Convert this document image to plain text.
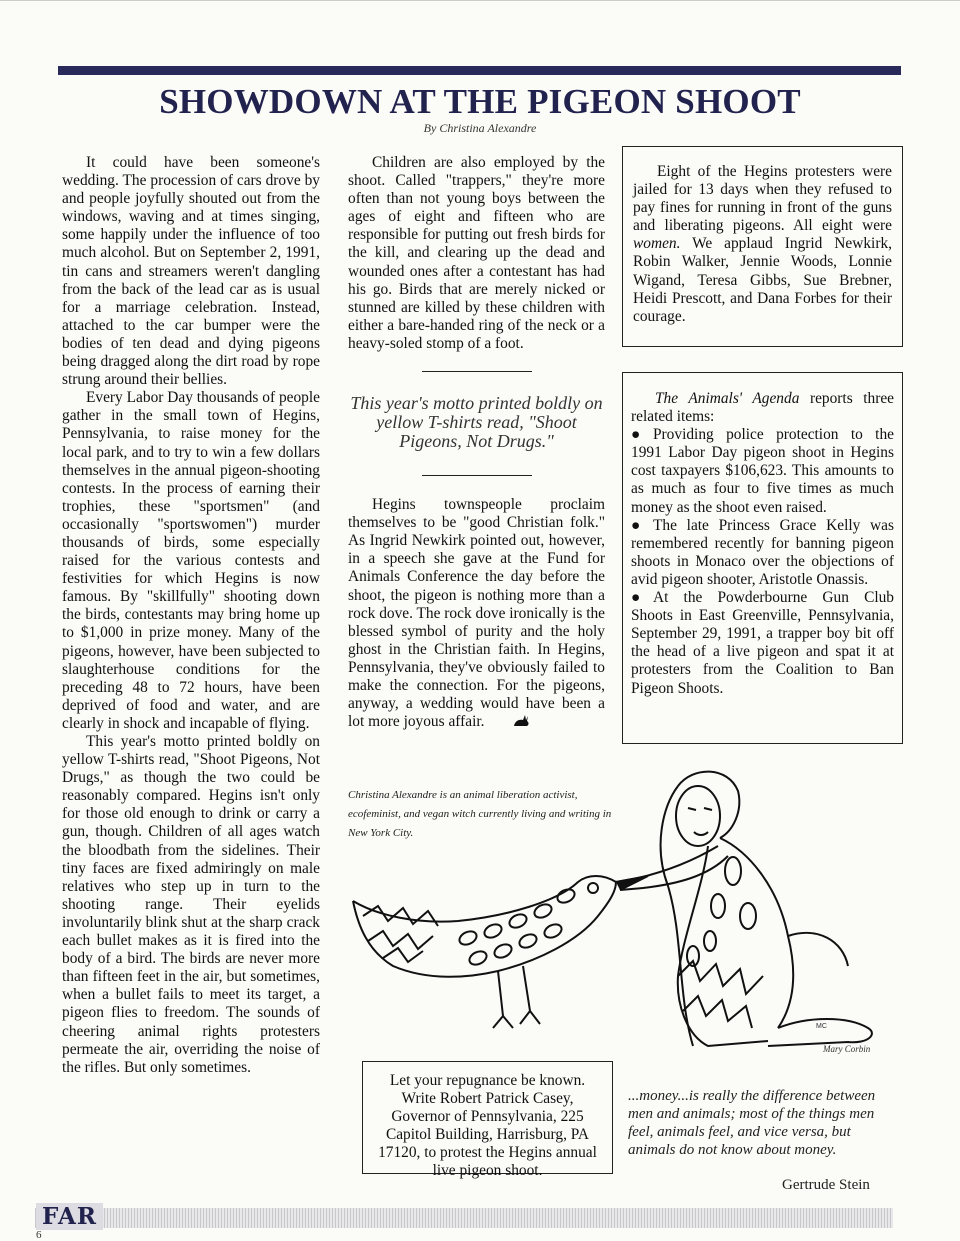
SHOWDOWN AT THE PIGEON SHOOT
By Christina Alexandre

It could have been someone's wedding. The procession of cars drove by and people joyfully shouted out from the windows, waving and at times singing, some happily under the influence of too much alcohol. But on September 2, 1991, tin cans and streamers weren't dangling from the back of the lead car as is usual for a marriage celebration. Instead, attached to the car bumper were the bodies of ten dead and dying pigeons being dragged along the dirt road by rope strung around their bellies.

Every Labor Day thousands of people gather in the small town of Hegins, Pennsylvania, to raise money for the local park, and to try to win a few dollars themselves in the annual pigeon-shooting contests. In the process of earning their trophies, these "sportsmen" (and occasionally "sportswomen") murder thousands of birds, some especially raised for the various contests and festivities for which Hegins is now famous. By "skillfully" shooting down the birds, contestants may bring home up to $1,000 in prize money. Many of the pigeons, however, have been subjected to slaughterhouse conditions for the preceding 48 to 72 hours, have been deprived of food and water, and are clearly in shock and incapable of flying.

This year's motto printed boldly on yellow T-shirts read, "Shoot Pigeons, Not Drugs," as though the two could be reasonably compared. Hegins isn't only for those old enough to drink or carry a gun, though. Children of all ages watch the bloodbath from the sidelines. Their tiny faces are fixed admiringly on male relatives who step up in turn to the shooting range. Their eyelids involuntarily blink shut at the sharp crack each bullet makes as it is fired into the body of a bird. The birds are never more than fifteen feet in the air, but sometimes, when a bullet fails to meet its target, a pigeon flies to freedom. The sounds of cheering animal rights protesters permeate the air, overriding the noise of the rifles. But only sometimes.

Children are also employed by the shoot. Called "trappers," they're more often than not young boys between the ages of eight and fifteen who are responsible for putting out fresh birds for the kill, and clearing up the dead and wounded ones after a contestant has had his go. Birds that are merely nicked or stunned are killed by these children with either a bare-handed ring of the neck or a heavy-soled stomp of a foot.

This year's motto printed boldly on yellow T-shirts read, "Shoot Pigeons, Not Drugs."

Hegins townspeople proclaim themselves to be "good Christian folk." As Ingrid Newkirk pointed out, however, in a speech she gave at the Fund for Animals Conference the day before the shoot, the pigeon is nothing more than a rock dove. The rock dove ironically is the blessed symbol of purity and the holy ghost in the Christian faith. In Hegins, Pennsylvania, they've obviously failed to make the connection. For the pigeons, anyway, a wedding would have been a lot more joyous affair.

Christina Alexandre is an animal liberation activist, ecofeminist, and vegan witch currently living and writing in New York City.

Eight of the Hegins protesters were jailed for 13 days when they refused to pay fines for running in front of the guns and liberating pigeons. All eight were women. We applaud Ingrid Newkirk, Robin Walker, Jennie Woods, Lonnie Wigand, Teresa Gibbs, Sue Brebner, Heidi Prescott, and Dana Forbes for their courage.

The Animals' Agenda reports three related items:

● Providing police protection to the 1991 Labor Day pigeon shoot in Hegins cost taxpayers $106,623. This amounts to as much as four to five times as much money as the shoot even raised.

● The late Princess Grace Kelly was remembered recently for banning pigeon shoots in Monaco over the objections of avid pigeon shooter, Aristotle Onassis.

● At the Powderbourne Gun Club Shoots in East Greenville, Pennsylvania, September 29, 1991, a trapper boy bit off the head of a live pigeon and spat it at protesters from the Coalition to Ban Pigeon Shoots.

MC
Mary Corbin
Let your repugnance be known. Write Robert Patrick Casey, Governor of Pennsylvania, 225 Capitol Building, Harrisburg, PA 17120, to protest the Hegins annual live pigeon shoot.
...money...is really the difference between men and animals; most of the things men feel, animals feel, and vice versa, but animals do not know about money.
Gertrude Stein
FAR
6
